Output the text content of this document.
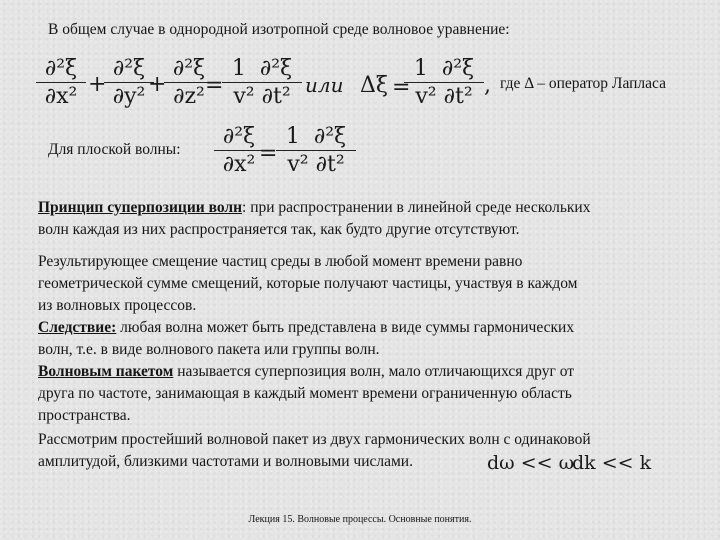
В общем случае в однородной изотропной среде волновое уравнение:
∂²ξ
∂x² +
∂²ξ
∂y² +
∂²ξ
∂z² =
1 ∂²ξ
v² ∂t² или Δξ =
1 ∂²ξ
v² ∂t² , где Δ – оператор Лапласа
Для плоской волны:
∂²ξ
∂x² =
1 ∂²ξ
v² ∂t²
Принцип суперпозиции волн: при распространении в линейной среде нескольких
волн каждая из них распространяется так, как будто другие отсутствуют.
Результирующее смещение частиц среды в любой момент времени равно
геометрической сумме смещений, которые получают частицы, участвуя в каждом
из волновых процессов.
Следствие: любая волна может быть представлена в виде суммы гармонических
волн, т.е. в виде волнового пакета или группы волн.
Волновым пакетом называется суперпозиция волн, мало отличающихся друг от
друга по частоте, занимающая в каждый момент времени ограниченную область
пространства.
Рассмотрим простейший волновой пакет из двух гармонических волн с одинаковой
амплитудой, близкими частотами и волновыми числами.	dω << ω
dk << k
Лекция 15. Волновые процессы. Основные понятия.
